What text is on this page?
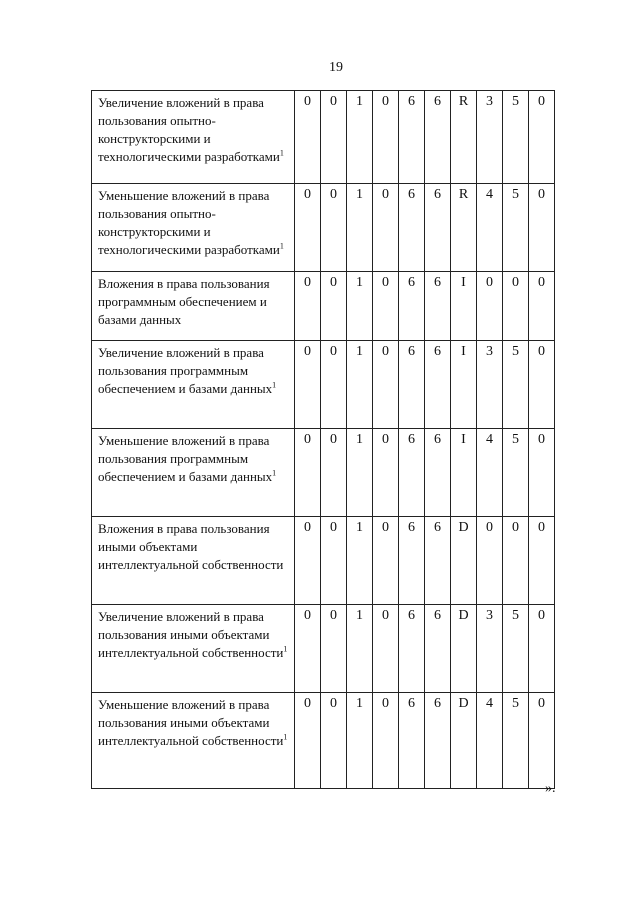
19
Увеличение вложений в права пользования опытно-конструкторскими и технологическими разработками$^1$	0	0	1	0	6	6	R	3	5	0
Уменьшение вложений в права пользования опытно-конструкторскими и технологическими разработками$^1$	0	0	1	0	6	6	R	4	5	0
Вложения в права пользования программным обеспечением и базами данных	0	0	1	0	6	6	I	0	0	0
Увеличение вложений в права пользования программным обеспечением и базами данных$^1$	0	0	1	0	6	6	I	3	5	0
Уменьшение вложений в права пользования программным обеспечением и базами данных$^1$	0	0	1	0	6	6	I	4	5	0
Вложения в права пользования иными объектами интеллектуальной собственности	0	0	1	0	6	6	D	0	0	0
Увеличение вложений в права пользования иными объектами интеллектуальной собственности$^1$	0	0	1	0	6	6	D	3	5	0
Уменьшение вложений в права пользования иными объектами интеллектуальной собственности$^1$	0	0	1	0	6	6	D	4	5	0
».
